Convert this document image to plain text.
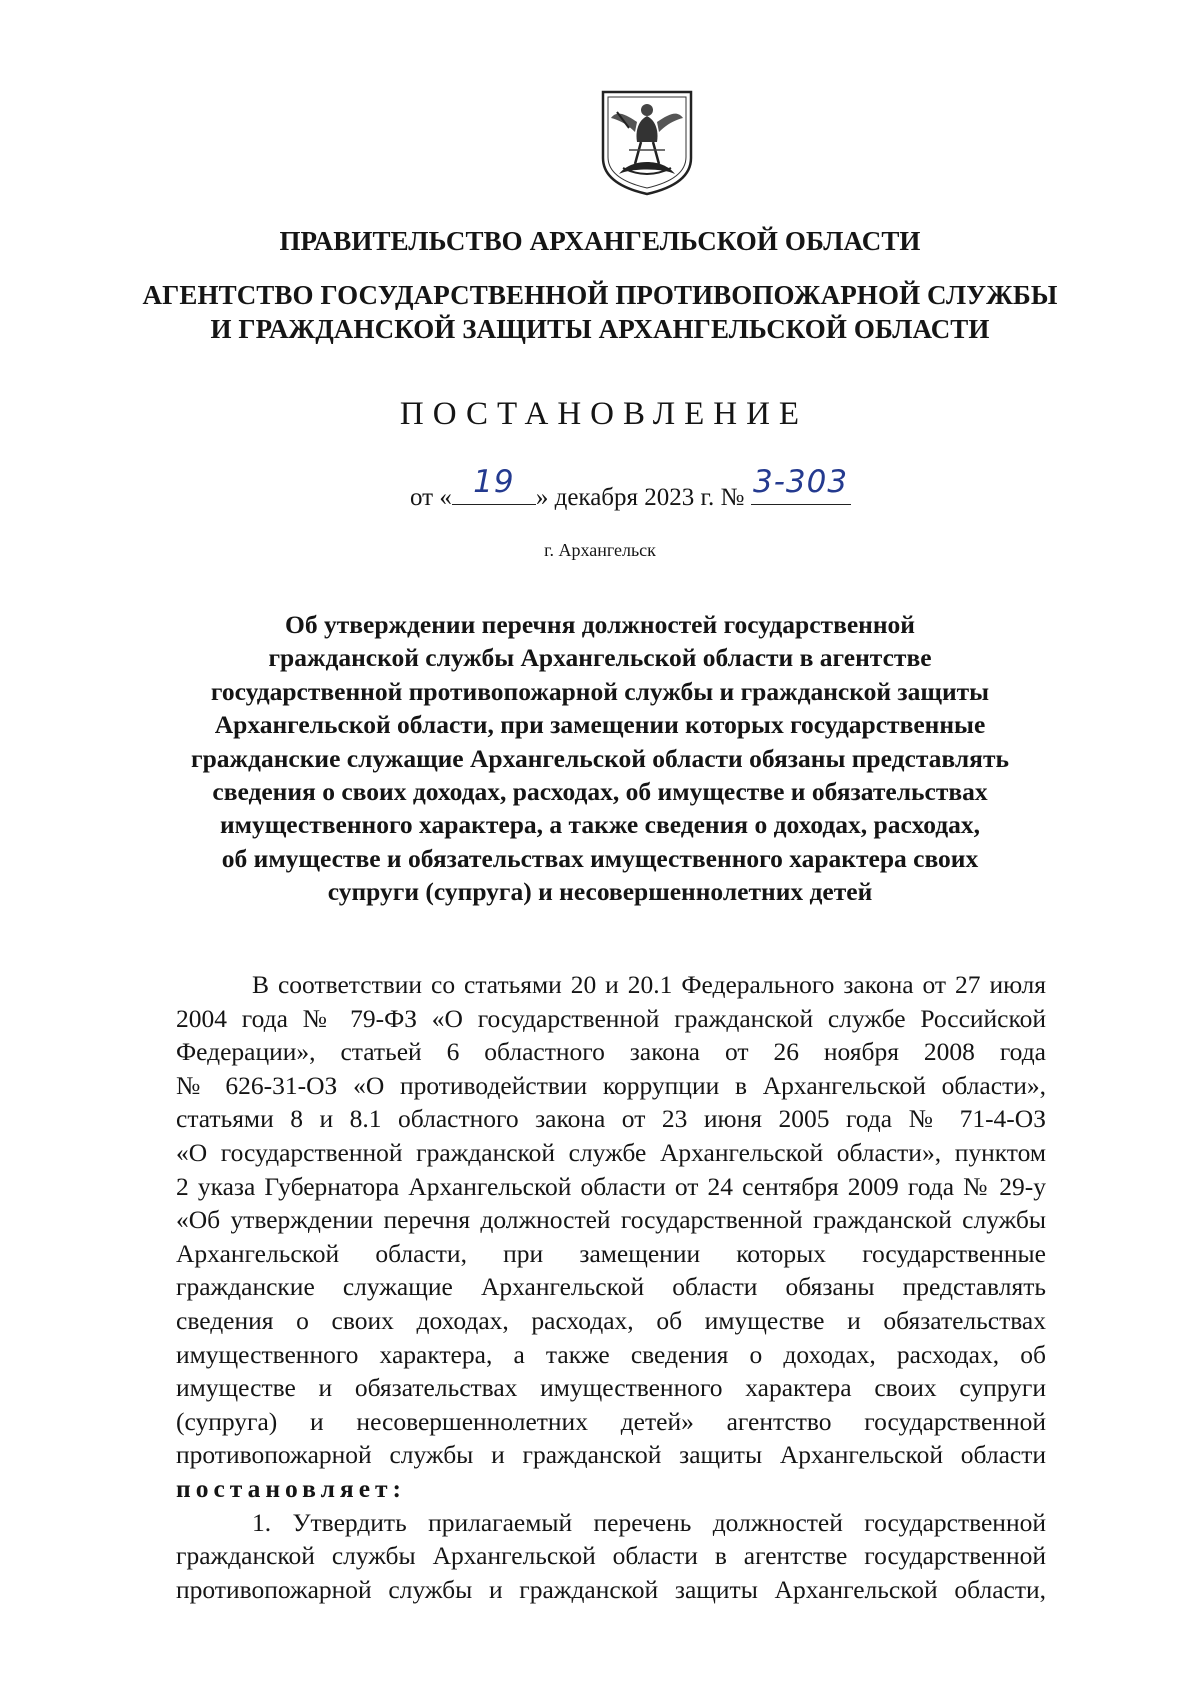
ПРАВИТЕЛЬСТВО АРХАНГЕЛЬСКОЙ ОБЛАСТИ
АГЕНТСТВО ГОСУДАРСТВЕННОЙ ПРОТИВОПОЖАРНОЙ СЛУЖБЫ
И ГРАЖДАНСКОЙ ЗАЩИТЫ АРХАНГЕЛЬСКОЙ ОБЛАСТИ
ПОСТАНОВЛЕНИЕ
от « 19 » декабря 2023 г. № 3-303
г. Архангельск
Об утверждении перечня должностей государственной
гражданской службы Архангельской области в агентстве
государственной противопожарной службы и гражданской защиты
Архангельской области, при замещении которых государственные
гражданские служащие Архангельской области обязаны представлять
сведения о своих доходах, расходах, об имуществе и обязательствах
имущественного характера, а также сведения о доходах, расходах,
об имуществе и обязательствах имущественного характера своих
супруги (супруга) и несовершеннолетних детей
В соответствии со статьями 20 и 20.1 Федерального закона от 27 июля
2004 года № 79-ФЗ «О государственной гражданской службе Российской
Федерации», статьей 6 областного закона от 26 ноября 2008 года
№ 626-31-ОЗ «О противодействии коррупции в Архангельской области»,
статьями 8 и 8.1 областного закона от 23 июня 2005 года № 71-4-ОЗ
«О государственной гражданской службе Архангельской области», пунктом
2 указа Губернатора Архангельской области от 24 сентября 2009 года № 29-у
«Об утверждении перечня должностей государственной гражданской службы
Архангельской области, при замещении которых государственные
гражданские служащие Архангельской области обязаны представлять
сведения о своих доходах, расходах, об имуществе и обязательствах
имущественного характера, а также сведения о доходах, расходах, об
имуществе и обязательствах имущественного характера своих супруги
(супруга) и несовершеннолетних детей» агентство государственной
противопожарной службы и гражданской защиты Архангельской области
постановляет:
1. Утвердить прилагаемый перечень должностей государственной
гражданской службы Архангельской области в агентстве государственной
противопожарной службы и гражданской защиты Архангельской области,
